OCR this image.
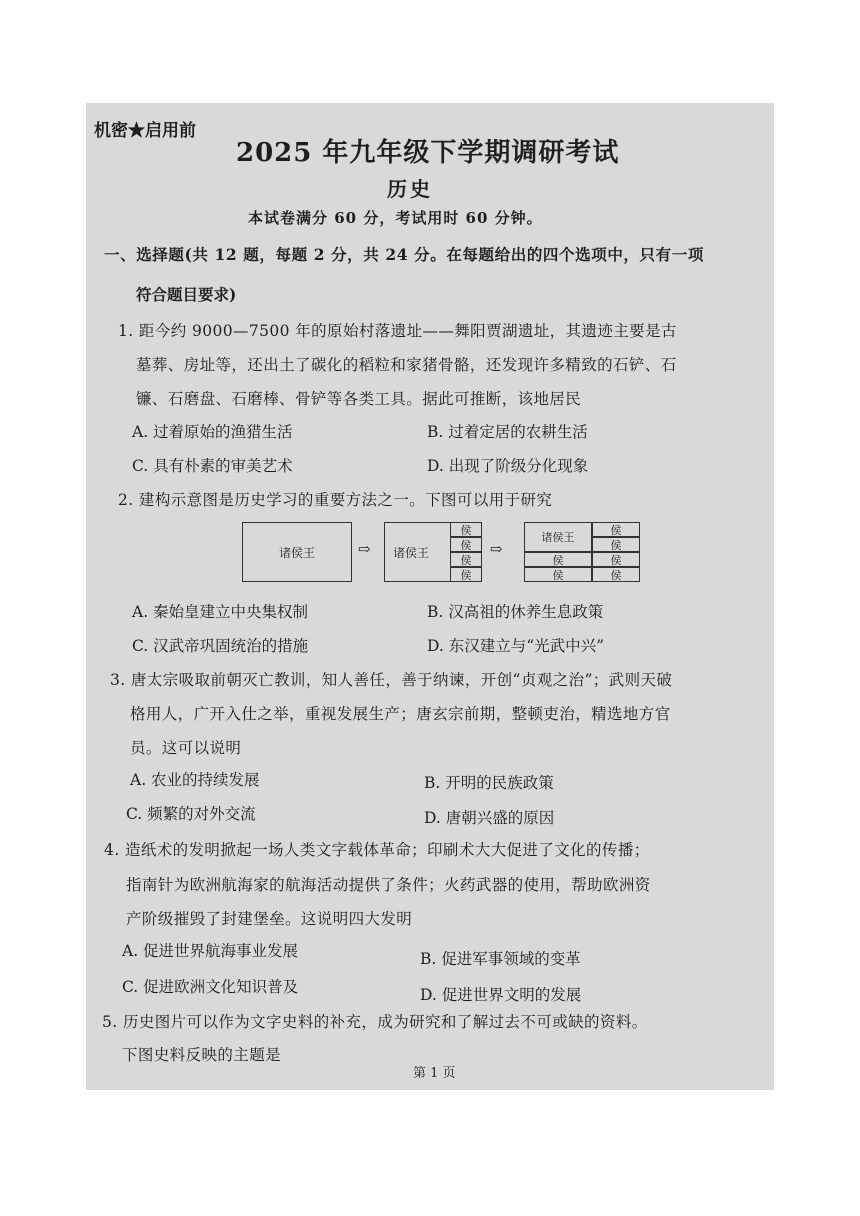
机密★启用前
2025 年九年级下学期调研考试
历史
本试卷满分 60 分，考试用时 60 分钟。
一、选择题(共 12 题，每题 2 分，共 24 分。在每题给出的四个选项中，只有一项
符合题目要求)
1. 距今约 9000—7500 年的原始村落遗址——舞阳贾湖遗址，其遗迹主要是古
墓葬、房址等，还出土了碳化的稻粒和家猪骨骼，还发现许多精致的石铲、石
镰、石磨盘、石磨棒、骨铲等各类工具。据此可推断，该地居民
A. 过着原始的渔猎生活	B. 过着定居的农耕生活
C. 具有朴素的审美艺术	D. 出现了阶级分化现象
2. 建构示意图是历史学习的重要方法之一。下图可以用于研究
诸侯王	⇨ 诸侯王
侯
侯
侯
侯
⇨
诸侯王
侯
侯
侯	侯
侯	侯
A. 秦始皇建立中央集权制	B. 汉高祖的休养生息政策
C. 汉武帝巩固统治的措施	D. 东汉建立与“光武中兴”
3. 唐太宗吸取前朝灭亡教训，知人善任，善于纳谏，开创“贞观之治”；武则天破
格用人，广开入仕之举，重视发展生产；唐玄宗前期，整顿吏治，精选地方官
员。这可以说明
A. 农业的持续发展	B. 开明的民族政策
C. 频繁的对外交流	D. 唐朝兴盛的原因
4. 造纸术的发明掀起一场人类文字载体革命；印刷术大大促进了文化的传播；
指南针为欧洲航海家的航海活动提供了条件；火药武器的使用，帮助欧洲资
产阶级摧毁了封建堡垒。这说明四大发明
A. 促进世界航海事业发展	B. 促进军事领域的变革
C. 促进欧洲文化知识普及	D. 促进世界文明的发展
5. 历史图片可以作为文字史料的补充，成为研究和了解过去不可或缺的资料。
下图史料反映的主题是
第 1 页
